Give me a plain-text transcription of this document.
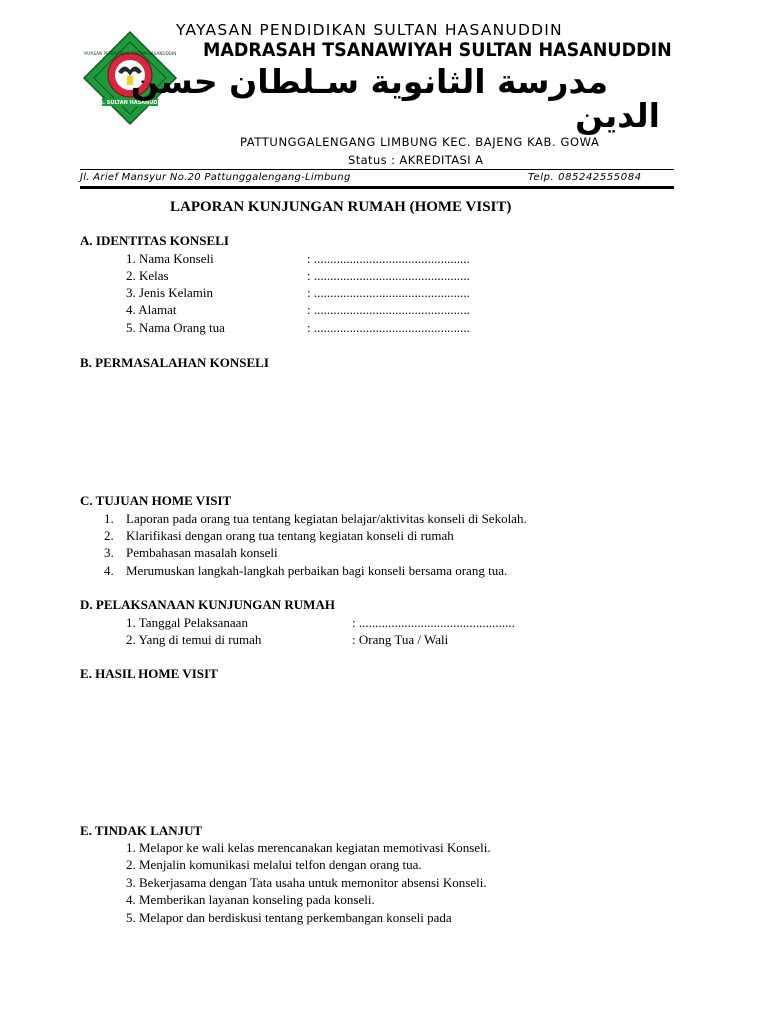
MTs. SULTAN HASANUDDIN
YAYASAN PENDIDIKAN SULTAN HASANUDDIN
YAYASAN PENDIDIKAN SULTAN HASANUDDIN
MADRASAH TSANAWIYAH SULTAN HASANUDDIN
مدرسة الثانوية سـلطان حسن
الدين
PATTUNGGALENGANG LIMBUNG KEC. BAJENG KAB. GOWA
Status : AKREDITASI A
Jl. Arief Mansyur No.20 Pattunggalengang-Limbung	Telp. 085242555084
LAPORAN KUNJUNGAN RUMAH (HOME VISIT)
A. IDENTITAS KONSELI
1. Nama Konseli	: ................................................
2. Kelas	: ................................................
3. Jenis Kelamin	: ................................................
4. Alamat	: ................................................
5. Nama Orang tua	: ................................................
B. PERMASALAHAN KONSELI
C. TUJUAN HOME VISIT
1. Laporan pada orang tua tentang kegiatan belajar/aktivitas konseli di Sekolah.
2. Klarifikasi dengan orang tua tentang kegiatan konseli di rumah
3. Pembahasan masalah konseli
4. Merumuskan langkah-langkah perbaikan bagi konseli bersama orang tua.
D. PELAKSANAAN KUNJUNGAN RUMAH
1. Tanggal Pelaksanaan	: ................................................
2. Yang di temui di rumah	: Orang Tua / Wali
E. HASIL HOME VISIT
E. TINDAK LANJUT
1. Melapor ke wali kelas merencanakan kegiatan memotivasi Konseli.
2. Menjalin komunikasi melalui telfon dengan orang tua.
3. Bekerjasama dengan Tata usaha untuk memonitor absensi Konseli.
4. Memberikan layanan konseling pada konseli.
5. Melapor dan berdiskusi tentang perkembangan konseli pada
